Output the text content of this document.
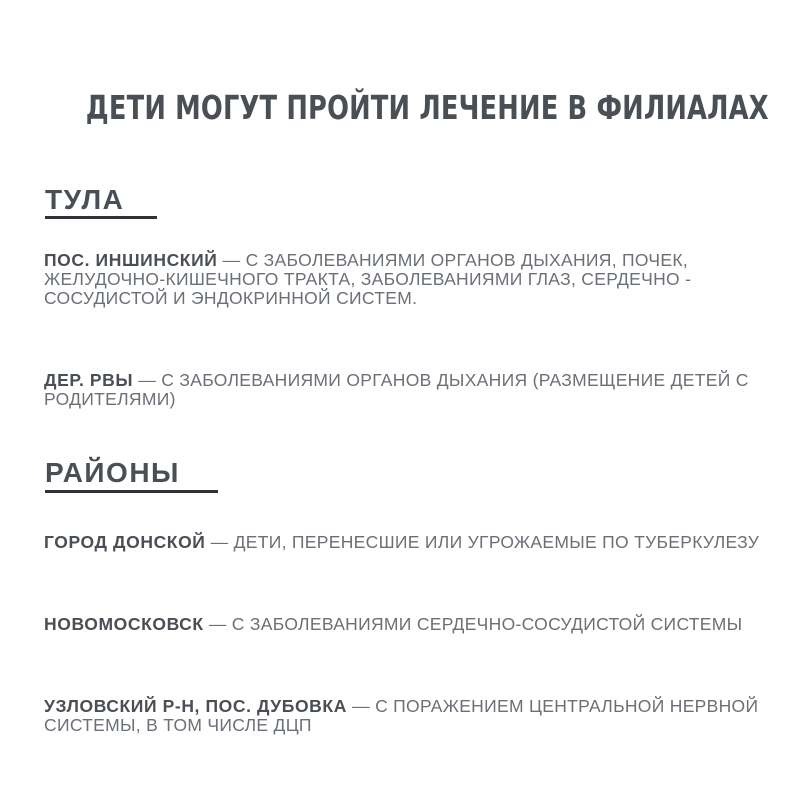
ДЕТИ МОГУТ ПРОЙТИ ЛЕЧЕНИЕ В ФИЛИАЛАХ
ТУЛА
ПОС. ИНШИНСКИЙ — С ЗАБОЛЕВАНИЯМИ ОРГАНОВ ДЫХАНИЯ, ПОЧЕК, ЖЕЛУДОЧНО-КИШЕЧНОГО ТРАКТА, ЗАБОЛЕВАНИЯМИ ГЛАЗ, СЕРДЕЧНО - СОСУДИСТОЙ И ЭНДОКРИННОЙ СИСТЕМ.
ДЕР. РВЫ — С ЗАБОЛЕВАНИЯМИ ОРГАНОВ ДЫХАНИЯ (РАЗМЕЩЕНИЕ ДЕТЕЙ С РОДИТЕЛЯМИ)
РАЙОНЫ
ГОРОД ДОНСКОЙ — ДЕТИ, ПЕРЕНЕСШИЕ ИЛИ УГРОЖАЕМЫЕ ПО ТУБЕРКУЛЕЗУ
НОВОМОСКОВСК — С ЗАБОЛЕВАНИЯМИ СЕРДЕЧНО-СОСУДИСТОЙ СИСТЕМЫ
УЗЛОВСКИЙ Р-Н, ПОС. ДУБОВКА — С ПОРАЖЕНИЕМ ЦЕНТРАЛЬНОЙ НЕРВНОЙ СИСТЕМЫ, В ТОМ ЧИСЛЕ ДЦП
